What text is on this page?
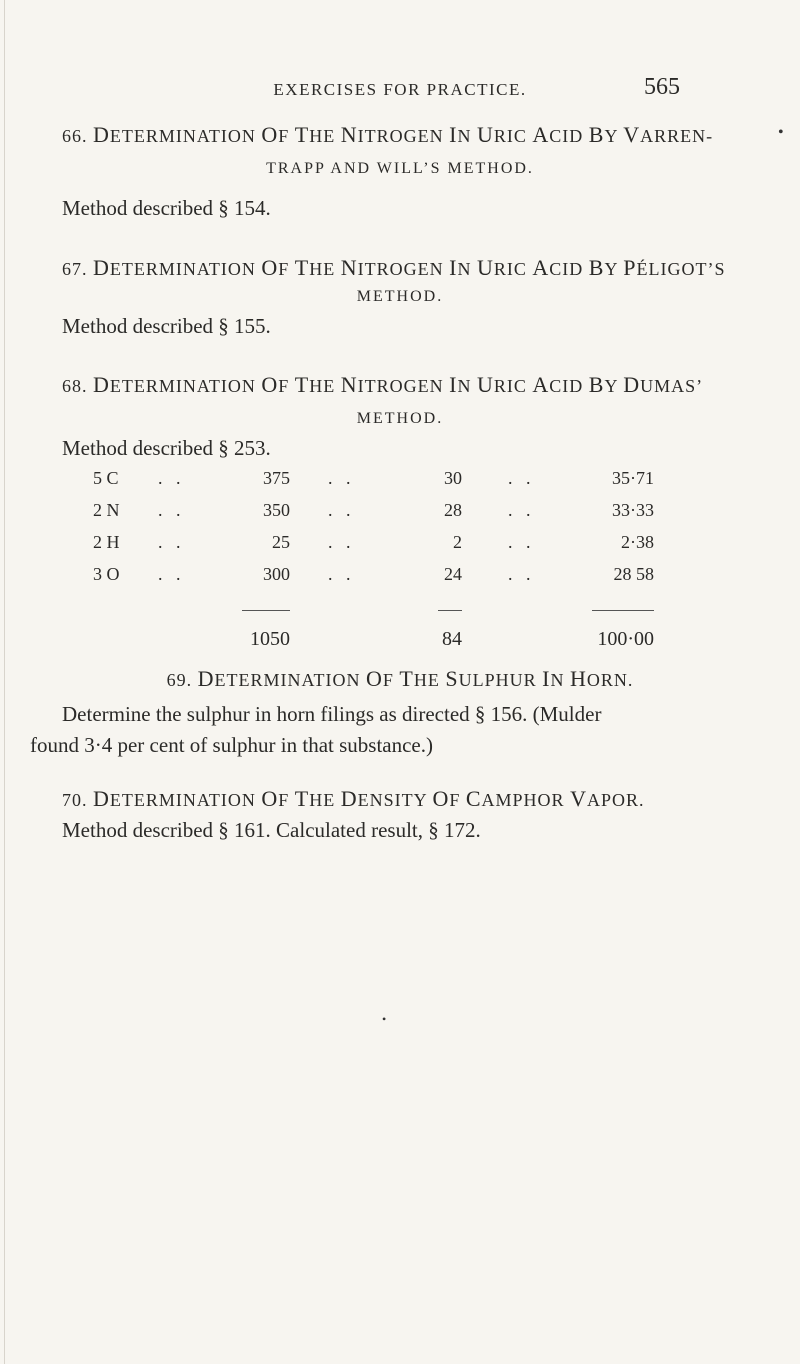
EXERCISES FOR PRACTICE.	565
66. DETERMINATION OF THE NITROGEN IN URIC ACID BY VARREN-	•
TRAPP AND WILL’S METHOD.
Method described § 154.
67. DETERMINATION OF THE NITROGEN IN URIC ACID BY PÉLIGOT’S
METHOD.
Method described § 155.
68. DETERMINATION OF THE NITROGEN IN URIC ACID BY DUMAS’
METHOD.
Method described § 253.
5 C .   .	375 .   .	30	.   .	35·71
2 N .   .	350 .   .	28	.   .	33·33
2 H .   .	25 .   .	2	.   .	2·38
3 O .   .	300 .   .	24	.   .	28 58
1050	84	100·00
69. DETERMINATION OF THE SULPHUR IN HORN.
Determine the sulphur in horn filings as directed § 156. (Mulder
found 3·4 per cent of sulphur in that substance.)
70. DETERMINATION OF THE DENSITY OF CAMPHOR VAPOR.
Method described § 161. Calculated result, § 172.
•
